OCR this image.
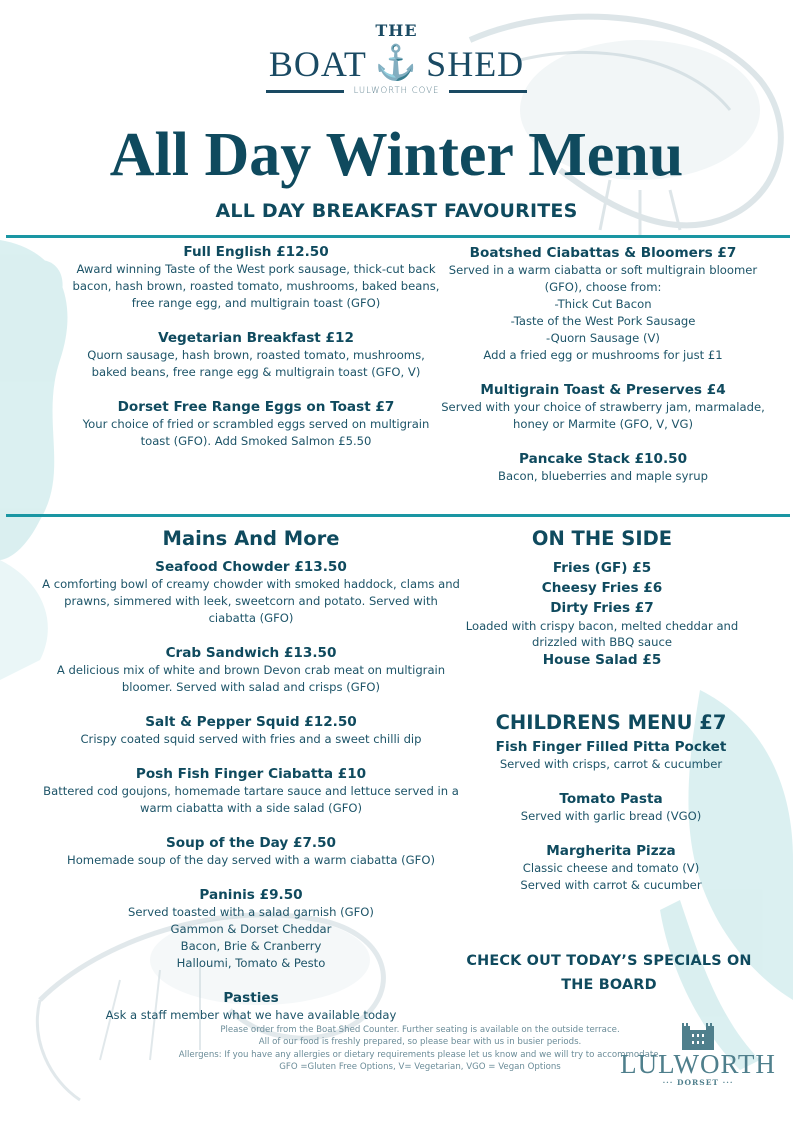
THE
BOAT ⚓ SHED
LULWORTH COVE
All Day Winter Menu
ALL DAY BREAKFAST FAVOURITES
Full English £12.50
Award winning Taste of the West pork sausage, thick-cut back bacon, hash brown, roasted tomato, mushrooms, baked beans, free range egg, and multigrain toast (GFO)
Vegetarian Breakfast £12
Quorn sausage, hash brown, roasted tomato, mushrooms, baked beans, free range egg & multigrain toast (GFO, V)
Dorset Free Range Eggs on Toast £7
Your choice of fried or scrambled eggs served on multigrain toast (GFO). Add Smoked Salmon £5.50
Boatshed Ciabattas & Bloomers £7
Served in a warm ciabatta or soft multigrain bloomer
(GFO), choose from:
-Thick Cut Bacon
-Taste of the West Pork Sausage
-Quorn Sausage (V)
Add a fried egg or mushrooms for just £1
Multigrain Toast & Preserves £4
Served with your choice of strawberry jam, marmalade, honey or Marmite (GFO, V, VG)
Pancake Stack £10.50
Bacon, blueberries and maple syrup
Mains And More
Seafood Chowder £13.50
A comforting bowl of creamy chowder with smoked haddock, clams and prawns, simmered with leek, sweetcorn and potato. Served with ciabatta (GFO)
Crab Sandwich £13.50
A delicious mix of white and brown Devon crab meat on multigrain bloomer. Served with salad and crisps (GFO)
Salt & Pepper Squid £12.50
Crispy coated squid served with fries and a sweet chilli dip
Posh Fish Finger Ciabatta £10
Battered cod goujons, homemade tartare sauce and lettuce served in a warm ciabatta with a side salad (GFO)
Soup of the Day £7.50
Homemade soup of the day served with a warm ciabatta (GFO)
Paninis £9.50
Served toasted with a salad garnish (GFO)
Gammon & Dorset Cheddar
Bacon, Brie & Cranberry
Halloumi, Tomato & Pesto
Pasties
Ask a staff member what we have available today
ON THE SIDE
Fries (GF) £5
Cheesy Fries £6
Dirty Fries £7
Loaded with crispy bacon, melted cheddar and drizzled with BBQ sauce
House Salad £5
CHILDRENS MENU £7
Fish Finger Filled Pitta Pocket
Served with crisps, carrot & cucumber
Tomato Pasta
Served with garlic bread (VGO)
Margherita Pizza
Classic cheese and tomato (V)
Served with carrot & cucumber
CHECK OUT TODAY’S SPECIALS ON THE BOARD
Please order from the Boat Shed Counter. Further seating is available on the outside terrace.
All of our food is freshly prepared, so please bear with us in busier periods.
Allergens: If you have any allergies or dietary requirements please let us know and we will try to accommodate.
GFO =Gluten Free Options, V= Vegetarian, VGO = Vegan Options	LULWORTH
··· DORSET ···
